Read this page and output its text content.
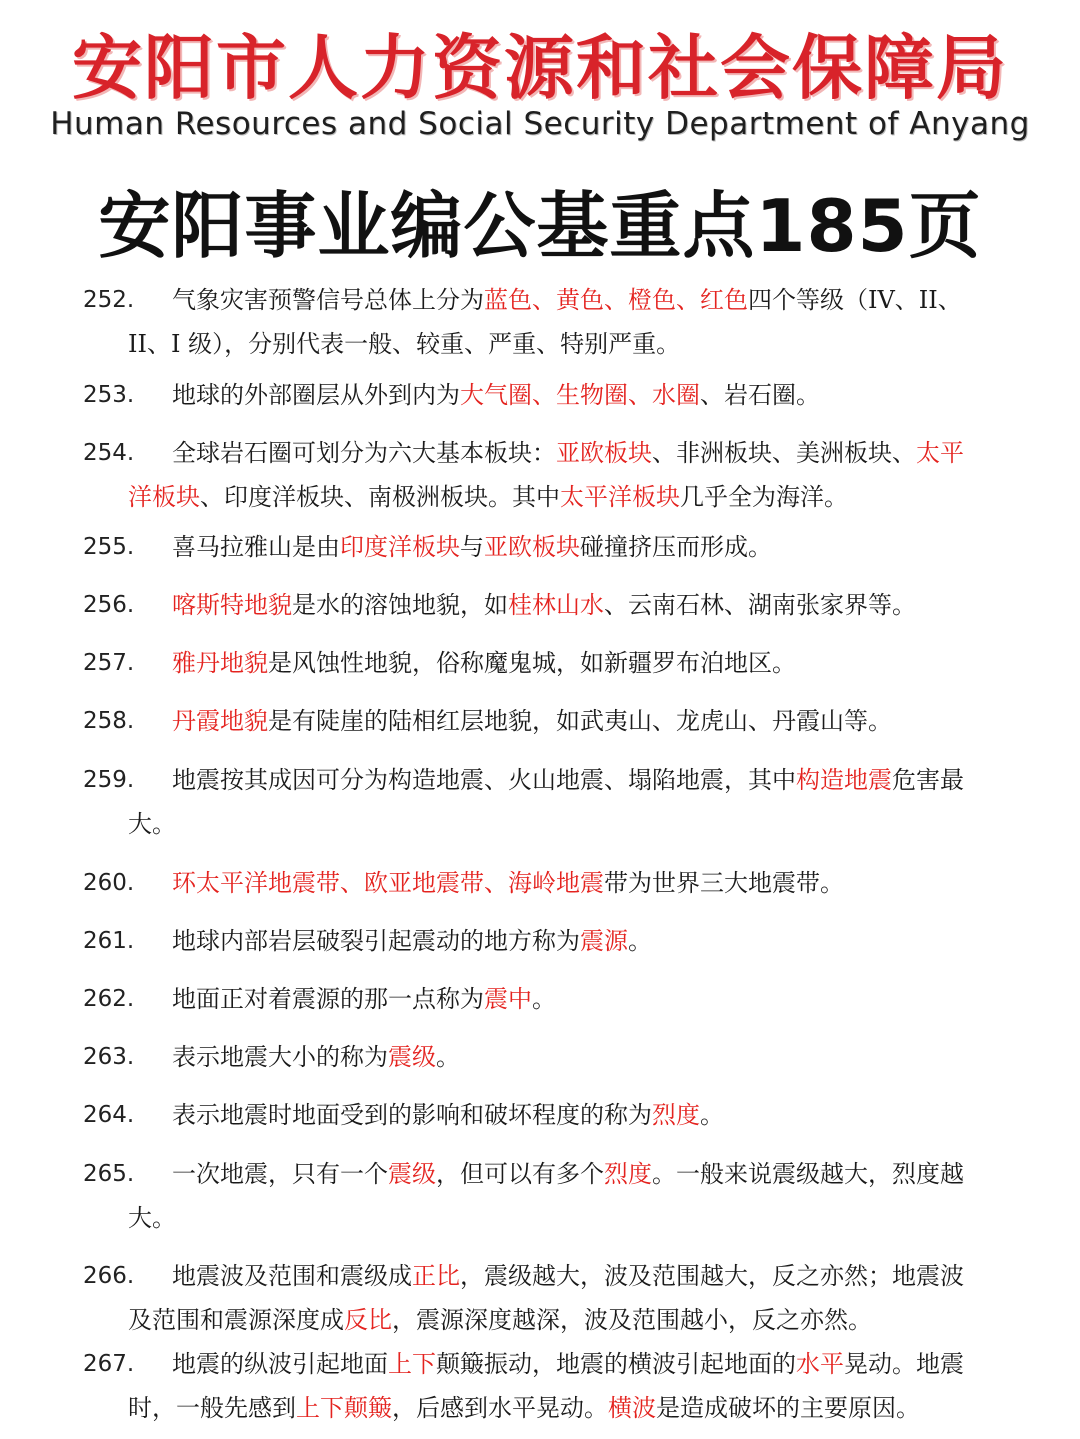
安阳市人力资源和社会保障局
Human Resources and Social Security Department of Anyang
安阳事业编公基重点185页
252.	气象灾害预警信号总体上分为蓝色、黄色、橙色、红色四个等级（IV、II、II、I 级），分别代表一般、较重、严重、特别严重。
253.	地球的外部圈层从外到内为大气圈、生物圈、水圈、岩石圈。
254.	全球岩石圈可划分为六大基本板块：亚欧板块、非洲板块、美洲板块、太平洋板块、印度洋板块、南极洲板块。其中太平洋板块几乎全为海洋。
255.	喜马拉雅山是由印度洋板块与亚欧板块碰撞挤压而形成。
256.	喀斯特地貌是水的溶蚀地貌，如桂林山水、云南石林、湖南张家界等。
257.	雅丹地貌是风蚀性地貌，俗称魔鬼城，如新疆罗布泊地区。
258.	丹霞地貌是有陡崖的陆相红层地貌，如武夷山、龙虎山、丹霞山等。
259.	地震按其成因可分为构造地震、火山地震、塌陷地震，其中构造地震危害最大。
260.	环太平洋地震带、欧亚地震带、海岭地震带为世界三大地震带。
261.	地球内部岩层破裂引起震动的地方称为震源。
262.	地面正对着震源的那一点称为震中。
263.	表示地震大小的称为震级。
264.	表示地震时地面受到的影响和破坏程度的称为烈度。
265.	一次地震，只有一个震级，但可以有多个烈度。一般来说震级越大，烈度越大。
266.	地震波及范围和震级成正比，震级越大，波及范围越大，反之亦然；地震波及范围和震源深度成反比，震源深度越深，波及范围越小，反之亦然。
267.	地震的纵波引起地面上下颠簸振动，地震的横波引起地面的水平晃动。地震时，一般先感到上下颠簸，后感到水平晃动。横波是造成破坏的主要原因。
